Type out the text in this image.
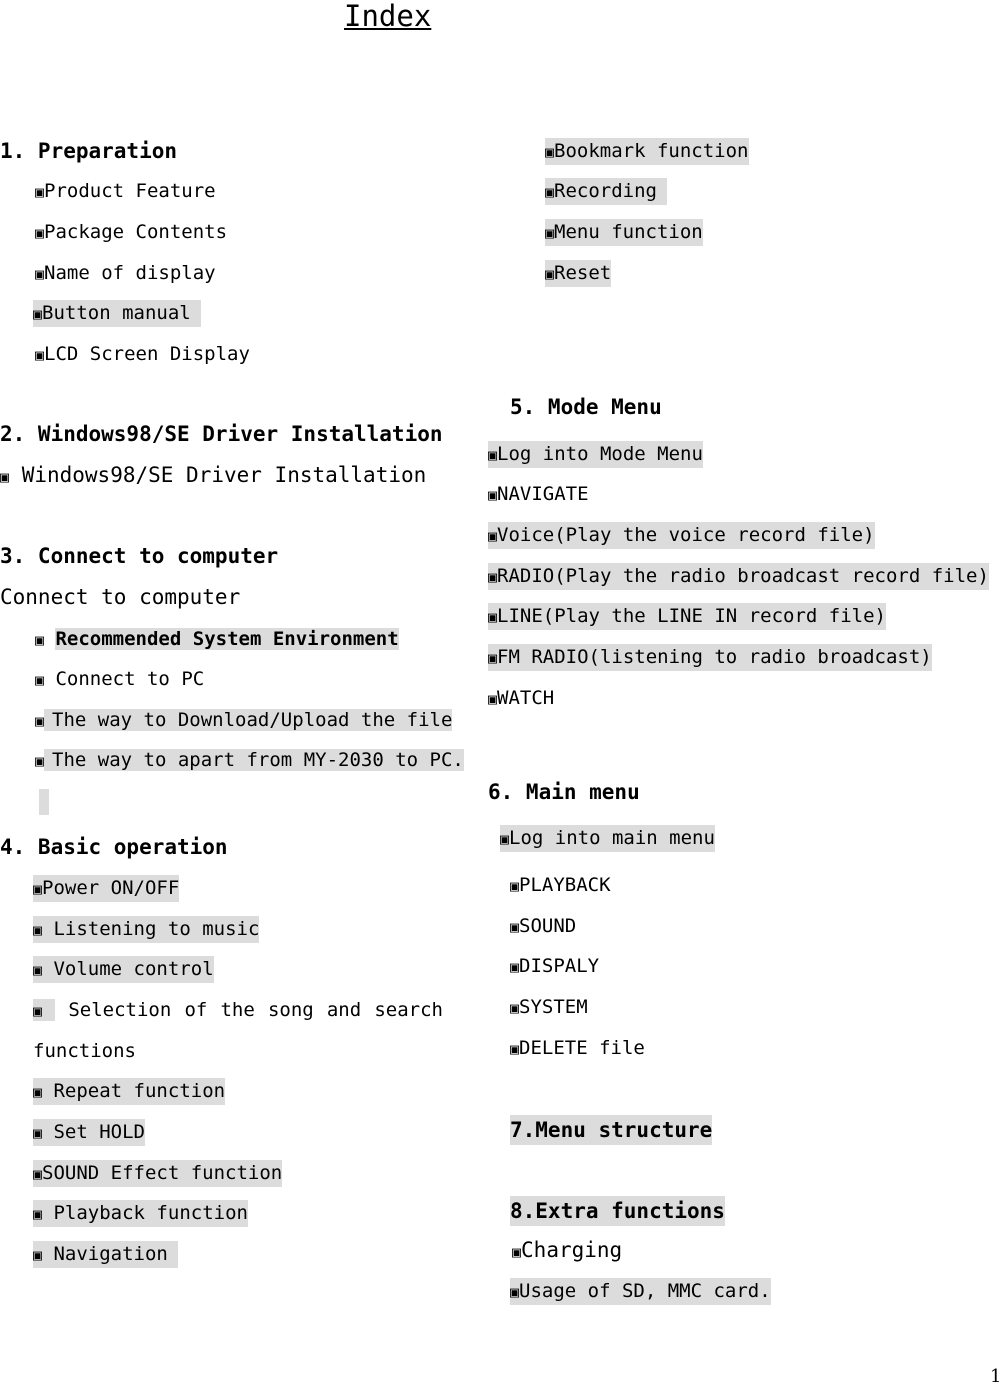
Index
1. Preparation
▣Product Feature
▣Package Contents
▣Name of display
▣Button manual
▣LCD Screen Display
2. Windows98/SE Driver Installation
▣ Windows98/SE Driver Installation
3. Connect to computer
Connect to computer
▣ Recommended System Environment
▣ Connect to PC
▣ The way to Download/Upload the file
▣ The way to apart from MY-2030 to PC.
4. Basic operation
▣Power ON/OFF
▣ Listening to music
▣ Volume control
▣ Selection of the song and search
functions
▣ Repeat function
▣ Set HOLD
▣SOUND Effect function
▣ Playback function
▣ Navigation
▣Bookmark function
▣Recording
▣Menu function
▣Reset
5. Mode Menu
▣Log into Mode Menu
▣NAVIGATE
▣Voice(Play the voice record file)
▣RADIO(Play the radio broadcast record file)
▣LINE(Play the LINE IN record file)
▣FM RADIO(listening to radio broadcast)
▣WATCH
6. Main menu
▣Log into main menu
▣PLAYBACK
▣SOUND
▣DISPALY
▣SYSTEM
▣DELETE file
7.Menu structure
8.Extra functions
▣Charging
▣Usage of SD, MMC card.
1
